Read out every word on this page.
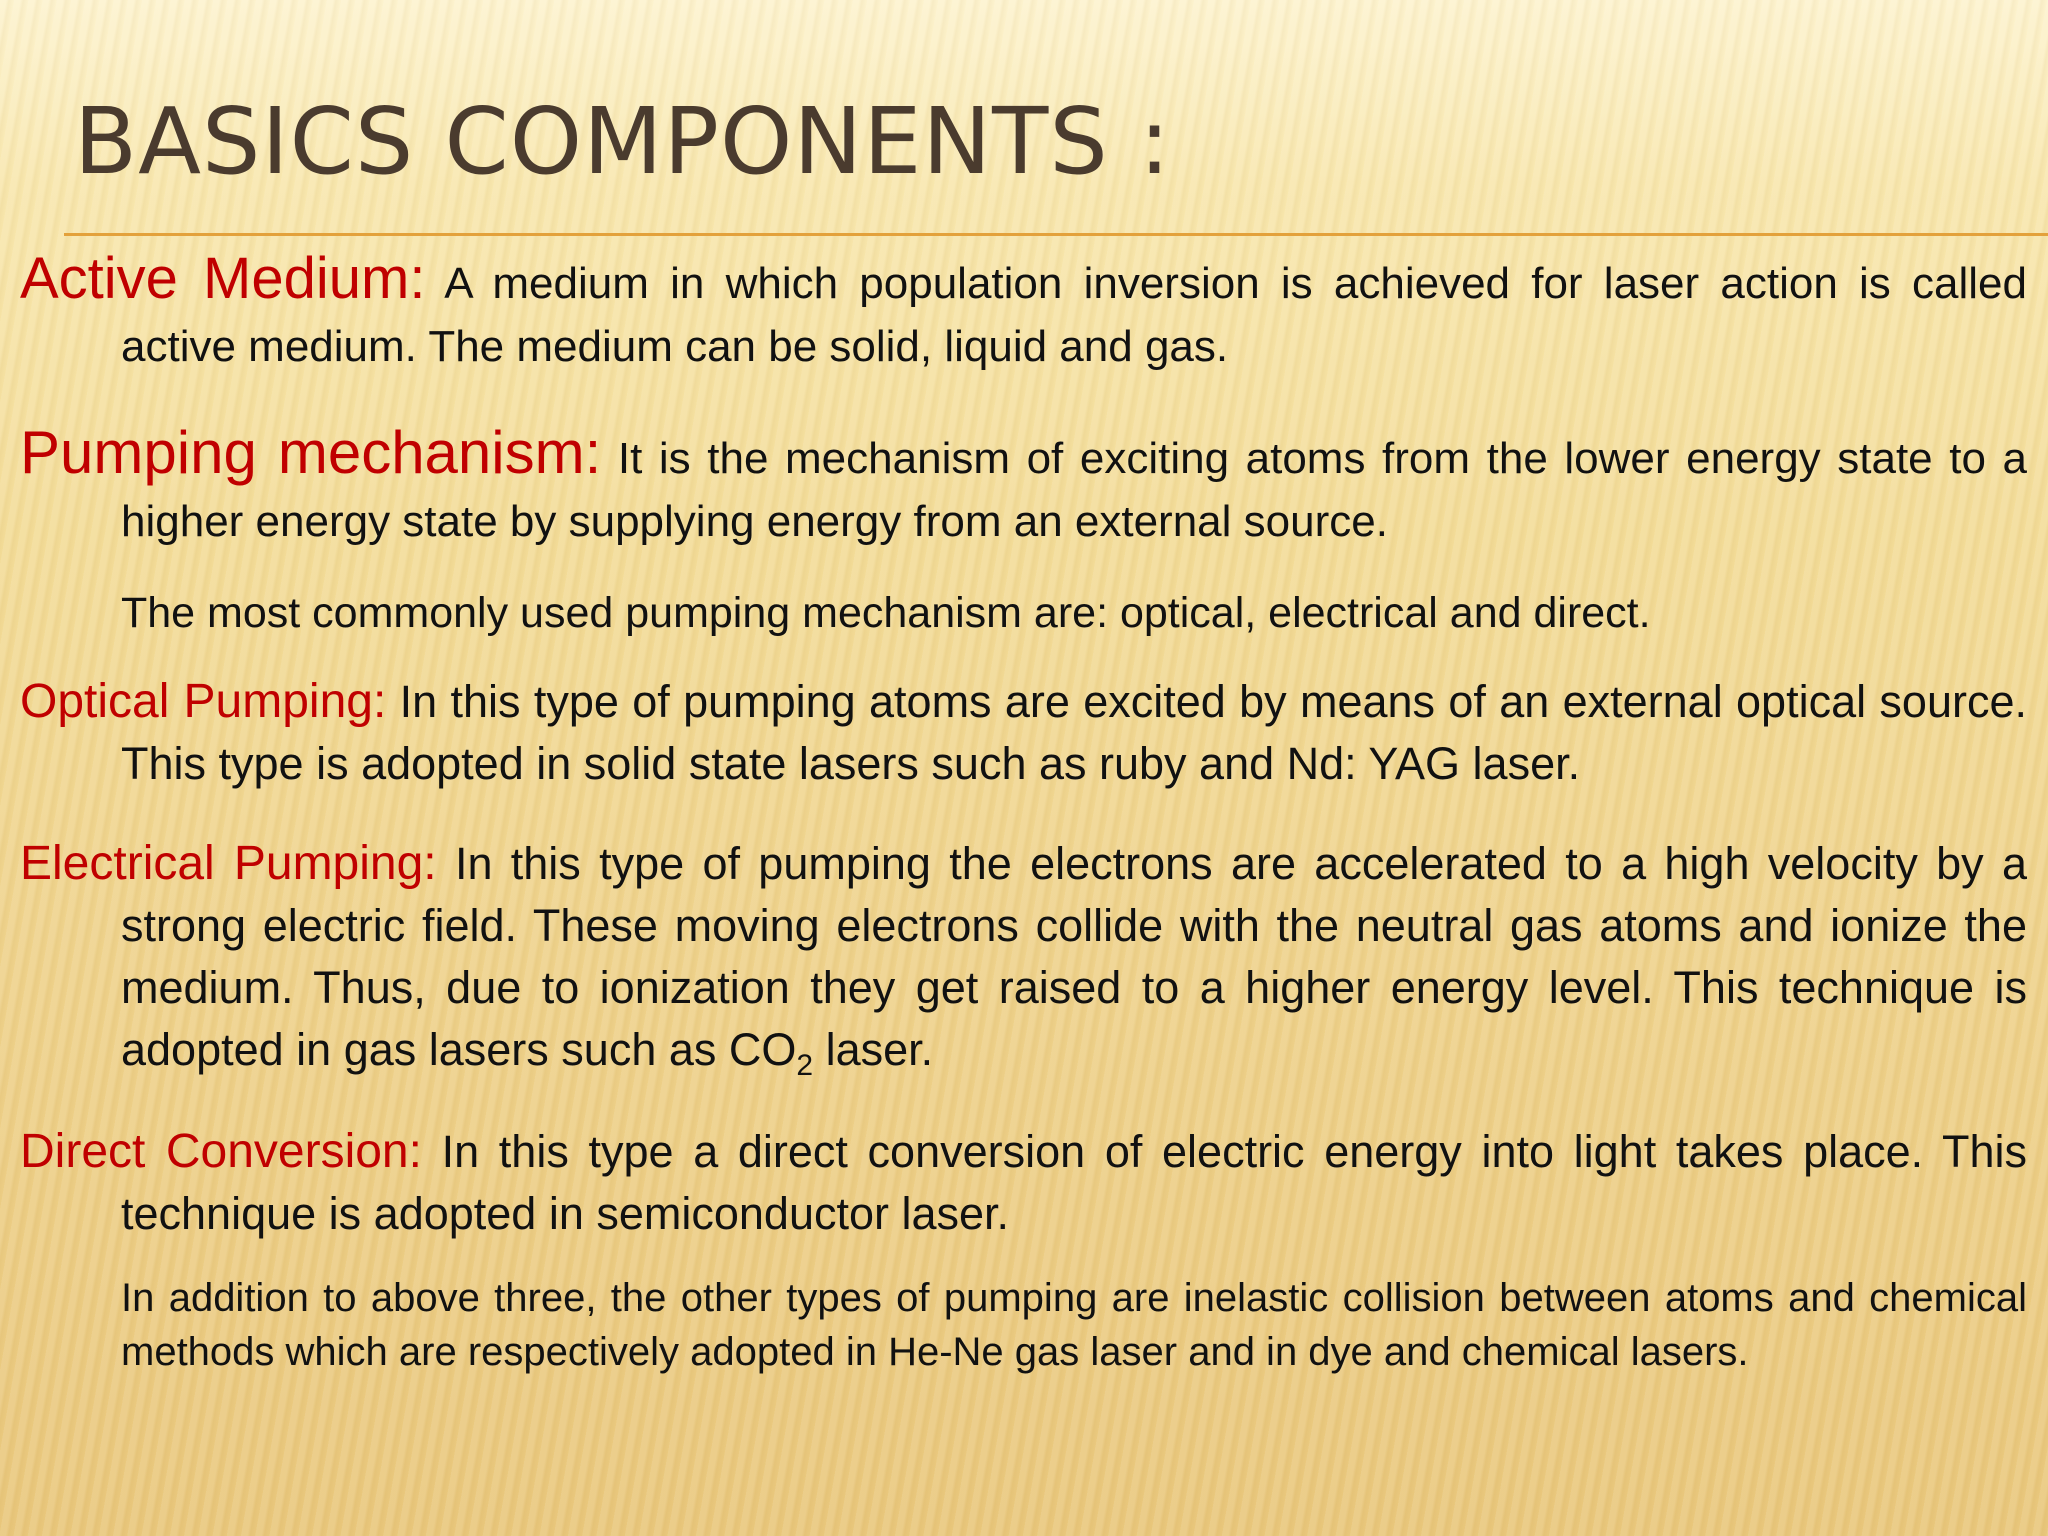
BASICS COMPONENTS :

Active Medium: A medium in which population inversion is achieved for laser action is called active medium. The medium can be solid, liquid and gas.

Pumping mechanism: It is the mechanism of exciting atoms from the lower energy state to a higher energy state by supplying energy from an external source.

The most commonly used pumping mechanism are: optical, electrical and direct.

Optical Pumping: In this type of pumping atoms are excited by means of an external optical source. This type is adopted in solid state lasers such as ruby and Nd: YAG laser.

Electrical Pumping: In this type of pumping the electrons are accelerated to a high velocity by a strong electric field. These moving electrons collide with the neutral gas atoms and ionize the medium. Thus, due to ionization they get raised to a higher energy level. This technique is adopted in gas lasers such as $CO_2$ laser.

Direct Conversion: In this type a direct conversion of electric energy into light takes place. This technique is adopted in semiconductor laser.

In addition to above three, the other types of pumping are inelastic collision between atoms and chemical methods which are respectively adopted in He-Ne gas laser and in dye and chemical lasers.
